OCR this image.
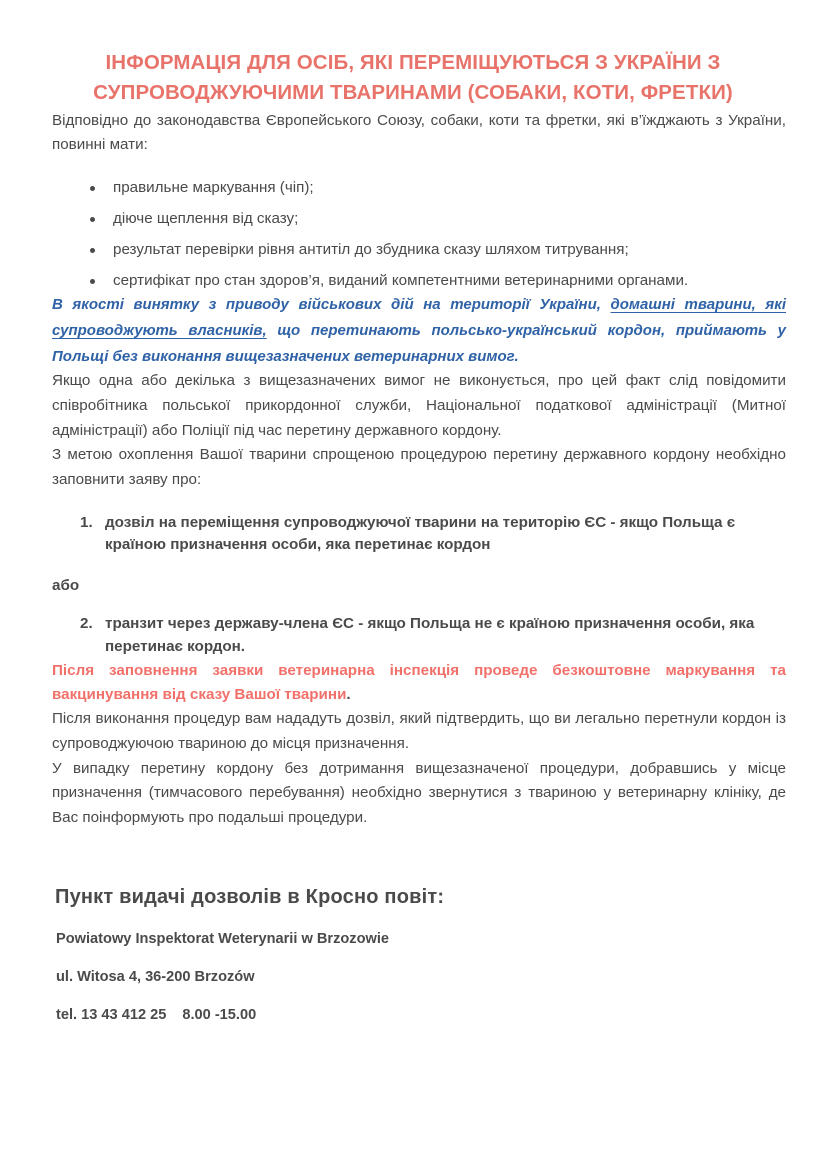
ІНФОРМАЦІЯ ДЛЯ ОСІБ, ЯКІ ПЕРЕМІЩУЮТЬСЯ З УКРАЇНИ З СУПРОВОДЖУЮЧИМИ ТВАРИНАМИ (СОБАКИ, КОТИ, ФРЕТКИ)

Відповідно до законодавства Європейського Союзу, собаки, коти та фретки, які в’їжджають з України, повинні мати:

правильне маркування (чіп);
діюче щеплення від сказу;
результат перевірки рівня антитіл до збудника сказу шляхом титрування;
сертифікат про стан здоров’я, виданий компетентними ветеринарними органами.

В якості винятку з приводу військових дій на території України, домашні тварини, які супроводжують власників, що перетинають польсько-український кордон, приймають у Польщі без виконання вищезазначених ветеринарних вимог.

Якщо одна або декілька з вищезазначених вимог не виконується, про цей факт слід повідомити співробітника польської прикордонної служби, Національної податкової адміністрації (Митної адміністрації) або Поліції під час перетину державного кордону.

З метою охоплення Вашої тварини спрощеною процедурою перетину державного кордону необхідно заповнити заяву про:

дозвіл на переміщення супроводжуючої тварини на територію ЄС - якщо Польща є країною призначення особи, яка перетинає кордон

або

транзит через державу-члена ЄС - якщо Польща не є країною призначення особи, яка перетинає кордон.

Після заповнення заявки ветеринарна інспекція проведе безкоштовне маркування та вакцинування від сказу Вашої тварини.

Після виконання процедур вам нададуть дозвіл, який підтвердить, що ви легально перетнули кордон із супроводжуючою твариною до місця призначення.

У випадку перетину кордону без дотримання вищезазначеної процедури, добравшись у місце призначення (тимчасового перебування) необхідно звернутися з твариною у ветеринарну клініку, де Вас поінформують про подальші процедури.

Пункт видачі дозволів в Кросно повіт:
Powiatowy Inspektorat Weterynarii w Brzozowie
ul. Witosa 4, 36-200 Brzozów
tel. 13 43 412 25 8.00 -15.00
